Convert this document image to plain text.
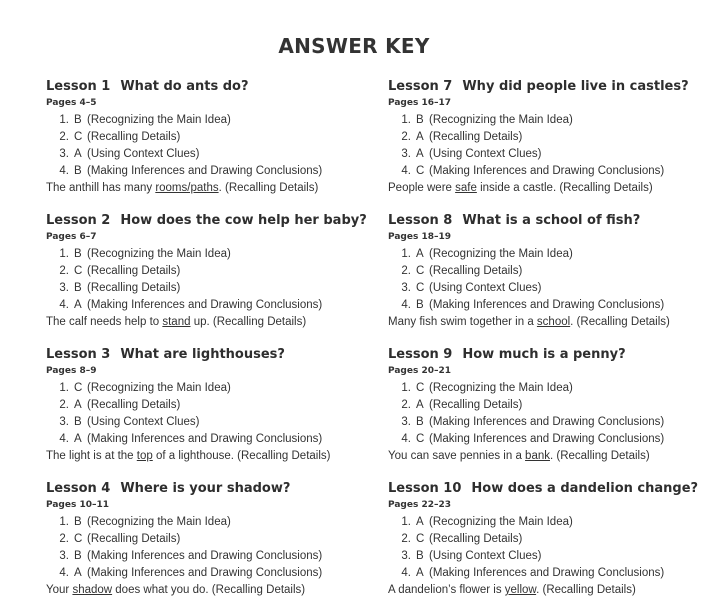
ANSWER KEY
Lesson 1 What do ants do?
Pages 4–5
1. B (Recognizing the Main Idea)
2. C (Recalling Details)
3. A (Using Context Clues)
4. B (Making Inferences and Drawing Conclusions)
The anthill has many rooms/paths. (Recalling Details)
Lesson 2 How does the cow help her baby?
Pages 6–7
1. B (Recognizing the Main Idea)
2. C (Recalling Details)
3. B (Recalling Details)
4. A (Making Inferences and Drawing Conclusions)
The calf needs help to stand up. (Recalling Details)
Lesson 3 What are lighthouses?
Pages 8–9
1. C (Recognizing the Main Idea)
2. A (Recalling Details)
3. B (Using Context Clues)
4. A (Making Inferences and Drawing Conclusions)
The light is at the top of a lighthouse. (Recalling Details)
Lesson 4 Where is your shadow?
Pages 10–11
1. B (Recognizing the Main Idea)
2. C (Recalling Details)
3. B (Making Inferences and Drawing Conclusions)
4. A (Making Inferences and Drawing Conclusions)
Your shadow does what you do. (Recalling Details)
Lesson 7 Why did people live in castles?
Pages 16–17
1. B (Recognizing the Main Idea)
2. A (Recalling Details)
3. A (Using Context Clues)
4. C (Making Inferences and Drawing Conclusions)
People were safe inside a castle. (Recalling Details)
Lesson 8 What is a school of fish?
Pages 18–19
1. A (Recognizing the Main Idea)
2. C (Recalling Details)
3. C (Using Context Clues)
4. B (Making Inferences and Drawing Conclusions)
Many fish swim together in a school. (Recalling Details)
Lesson 9 How much is a penny?
Pages 20–21
1. C (Recognizing the Main Idea)
2. A (Recalling Details)
3. B (Making Inferences and Drawing Conclusions)
4. C (Making Inferences and Drawing Conclusions)
You can save pennies in a bank. (Recalling Details)
Lesson 10 How does a dandelion change?
Pages 22–23
1. A (Recognizing the Main Idea)
2. C (Recalling Details)
3. B (Using Context Clues)
4. A (Making Inferences and Drawing Conclusions)
A dandelion’s flower is yellow. (Recalling Details)
